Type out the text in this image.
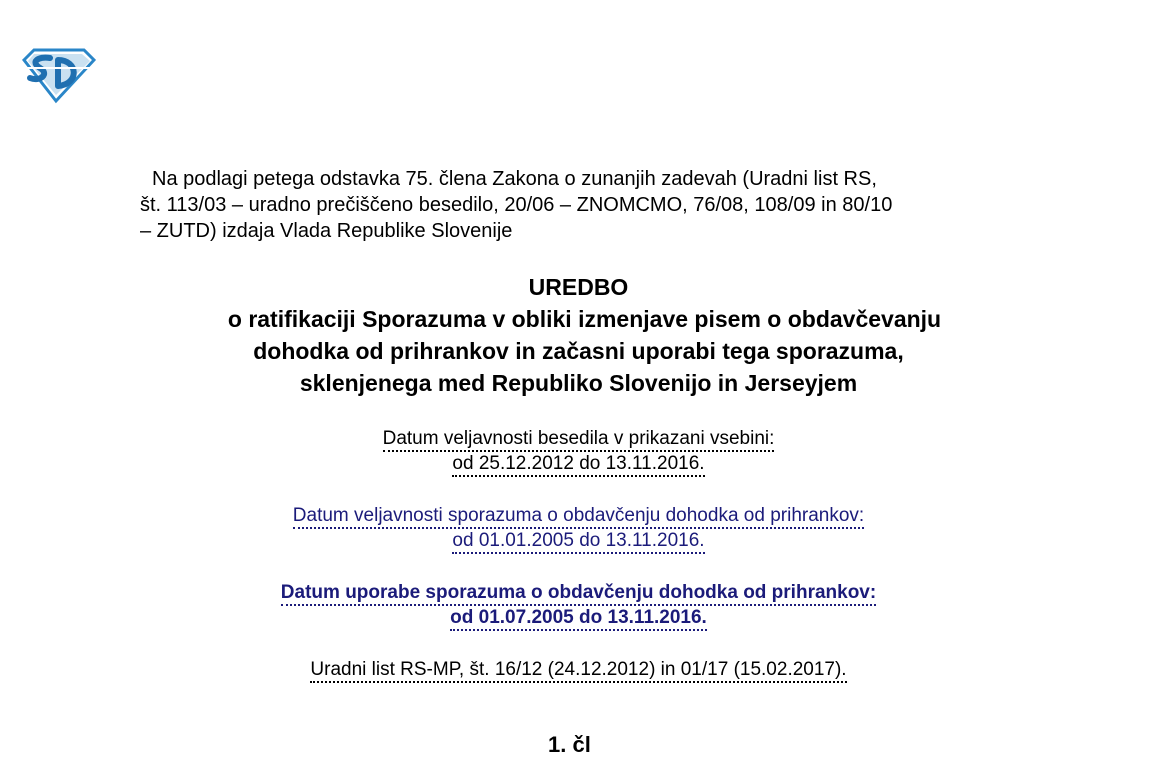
Na podlagi petega odstavka 75. člena Zakona o zunanjih zadevah (Uradni list RS,

št. 113/03 – uradno prečiščeno besedilo, 20/06 – ZNOMCMO, 76/08, 108/09 in 80/10

– ZUTD) izdaja Vlada Republike Slovenije

UREDBO

o ratifikaciji Sporazuma v obliki izmenjave pisem o obdavčevanju

dohodka od prihrankov in začasni uporabi tega sporazuma,

sklenjenega med Republiko Slovenijo in Jerseyjem

Datum veljavnosti besedila v prikazani vsebini:

od 25.12.2012 do 13.11.2016.

Datum veljavnosti sporazuma o obdavčenju dohodka od prihrankov:

od 01.01.2005 do 13.11.2016.

Datum uporabe sporazuma o obdavčenju dohodka od prihrankov:

od 01.07.2005 do 13.11.2016.

Uradni list RS-MP, št. 16/12 (24.12.2012) in 01/17 (15.02.2017).

1. čl
